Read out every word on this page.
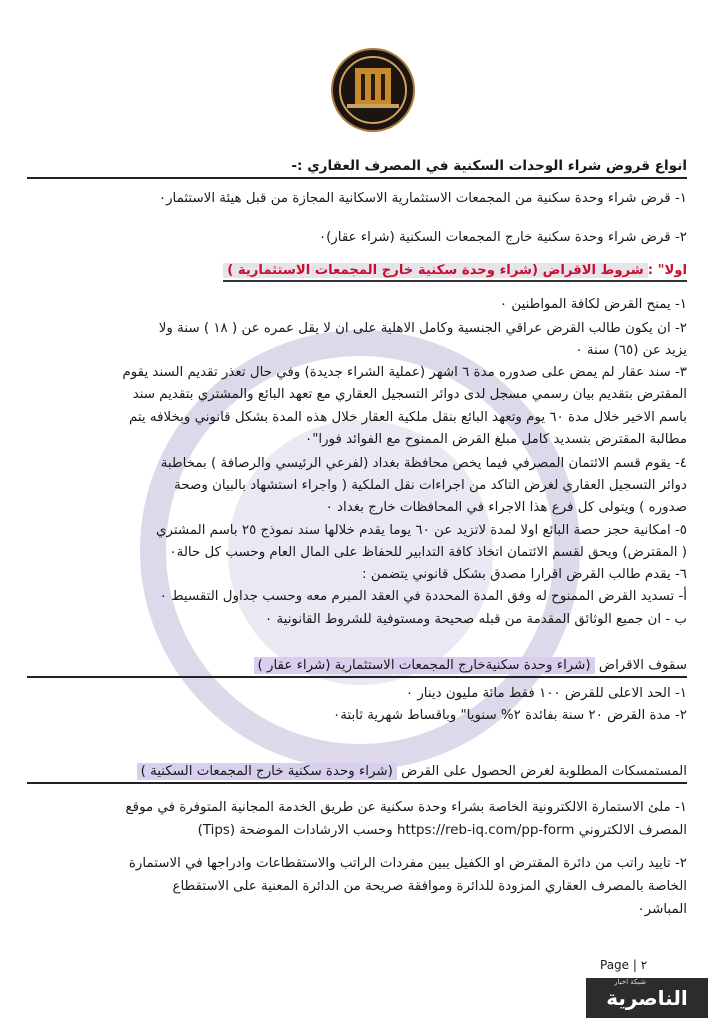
انواع قروض شراء الوحدات السكنية في المصرف العقاري :-
١- قرض شراء وحدة سكنية من المجمعات الاستثمارية الاسكانية المجازة من قبل هيئة الاستثمار٠
٢- قرض شراء وحدة سكنية خارج المجمعات السكنية (شراء عقار)٠
اولا" :شروط الاقراض (شراء وحدة سكنية خارج المجمعات الاستثمارية )
١- يمنح القرض لكافة المواطنين ٠
٢- ان يكون طالب القرض عراقي الجنسية وكامل الاهلية على ان لا يقل عمره عن ( ١٨ ) سنة ولا
يزيد عن (٦٥) سنة ٠
٣- سند عقار لم يمض على صدوره مدة ٦ اشهر (عملية الشراء جديدة) وفي حال تعذر تقديم السند يقوم
المقترض بتقديم بيان رسمي مسجل لدى دوائر التسجيل العقاري مع تعهد البائع والمشتري بتقديم سند
باسم الاخير خلال مدة ٦٠ يوم وتعهد البائع بنقل ملكية العقار خلال هذه المدة بشكل قانوني وبخلافه يتم
مطالبة المقترض بتسديد كامل مبلغ القرض الممنوح مع الفوائد فورا"٠
٤- يقوم قسم الائتمان المصرفي فيما يخص محافظة بغداد (لفرعي الرئيسي والرصافة ) بمخاطبة
دوائر التسجيل العقاري لغرض التاكد من اجراءات نقل الملكية ( واجراء استشهاد بالبيان وصحة
صدوره ) ويتولى كل فرع هذا الاجراء في المحافظات خارج بغداد ٠
٥- امكانية حجز حصة البائع اولا لمدة لاتزيد عن ٦٠ يوما يقدم خلالها سند نموذج ٢٥ باسم المشتري
( المقترض) ويحق لقسم الائتمان اتخاذ كافة التدابير للحفاظ على المال العام وحسب كل حالة٠
٦- يقدم طالب القرض اقرارا مصدق بشكل قانوني يتضمن :
أ- تسديد القرض الممنوح له وفق المدة المحددة في العقد المبرم معه وحسب جداول التقسيط ٠
ب - ان جميع الوثائق المقدمة من قبله صحيحة ومستوفية للشروط القانونية ٠
سقوف الاقراض (شراء وحدة سكنيةخارج المجمعات الاستثمارية (شراء عقار )
١- الحد الاعلى للقرض ١٠٠ فقط مائة مليون دينار ٠
٢- مدة القرض ٢٠ سنة بفائدة ٢% سنويا" وباقساط شهرية ثابتة٠
المستمسكات المطلوبة لغرض الحصول على القرض (شراء وحدة سكنية خارج المجمعات السكنية )
١- ملئ الاستمارة الالكترونية الخاصة بشراء وحدة سكنية عن طريق الخدمة المجانية المتوفرة في موقع
المصرف الالكتروني https://reb-iq.com/pp-form وحسب الارشادات الموضحة (Tips)
٢- تاييد راتب من دائرة المقترض او الكفيل يبين مفردات الراتب والاستقطاعات وادراجها في الاستمارة
الخاصة بالمصرف العقاري المزودة للدائرة وموافقة صريحة من الدائرة المعنية على الاستقطاع
المباشر٠
Page | ٢
الناصرية
شبكة اخبار
